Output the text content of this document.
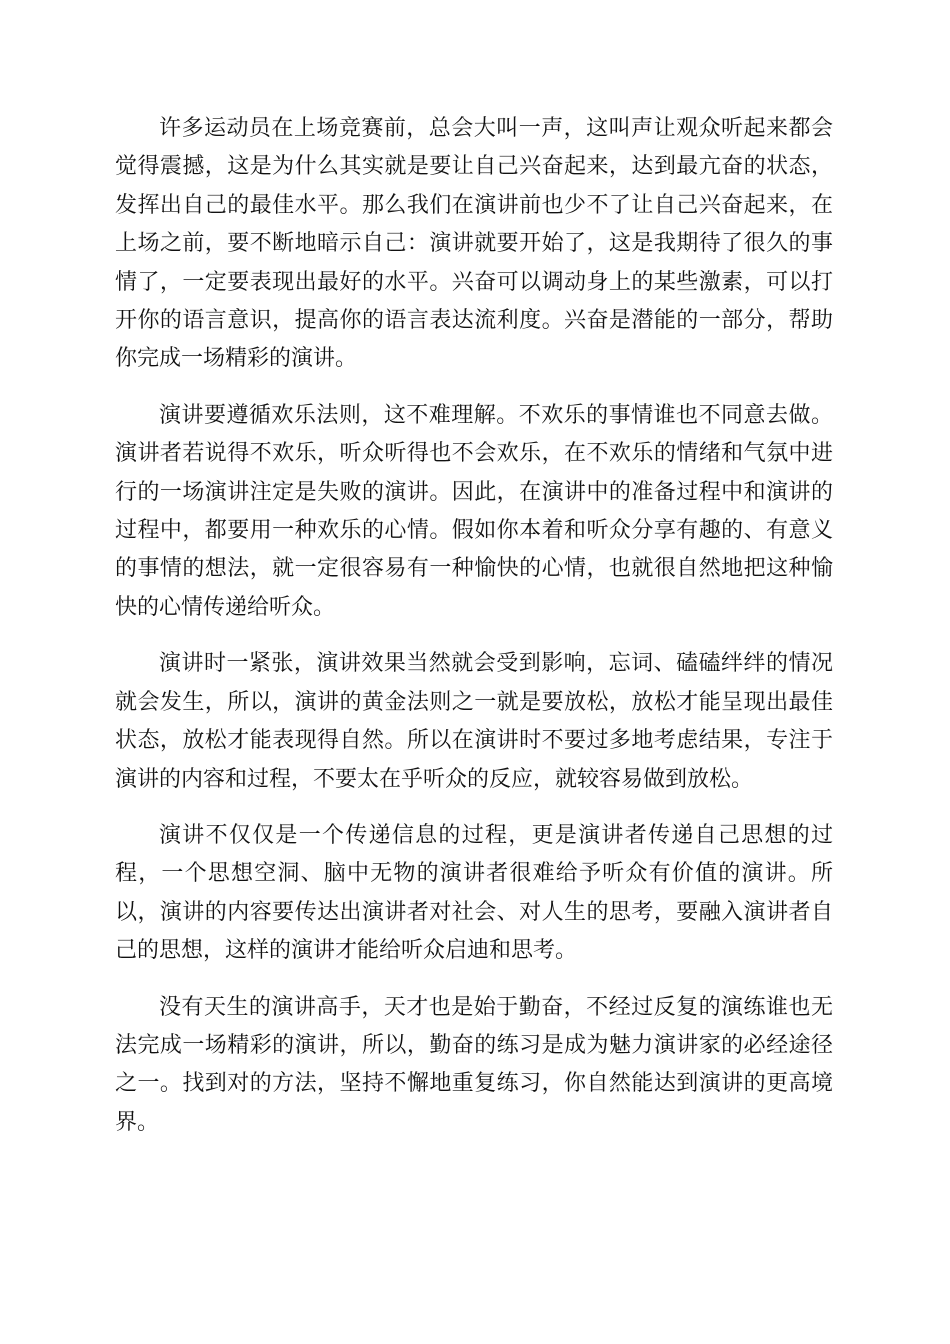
许多运动员在上场竞赛前，总会大叫一声，这叫声让观众听起来都会觉得震撼，这是为什么其实就是要让自己兴奋起来，达到最亢奋的状态，发挥出自己的最佳水平。那么我们在演讲前也少不了让自己兴奋起来，在上场之前，要不断地暗示自己：演讲就要开始了，这是我期待了很久的事情了，一定要表现出最好的水平。兴奋可以调动身上的某些激素，可以打开你的语言意识，提高你的语言表达流利度。兴奋是潜能的一部分，帮助你完成一场精彩的演讲。

演讲要遵循欢乐法则，这不难理解。不欢乐的事情谁也不同意去做。演讲者若说得不欢乐，听众听得也不会欢乐，在不欢乐的情绪和气氛中进行的一场演讲注定是失败的演讲。因此，在演讲中的准备过程中和演讲的过程中，都要用一种欢乐的心情。假如你本着和听众分享有趣的、有意义的事情的想法，就一定很容易有一种愉快的心情，也就很自然地把这种愉快的心情传递给听众。

演讲时一紧张，演讲效果当然就会受到影响，忘词、磕磕绊绊的情况就会发生，所以，演讲的黄金法则之一就是要放松，放松才能呈现出最佳状态，放松才能表现得自然。所以在演讲时不要过多地考虑结果，专注于演讲的内容和过程，不要太在乎听众的反应，就较容易做到放松。

演讲不仅仅是一个传递信息的过程，更是演讲者传递自己思想的过程，一个思想空洞、脑中无物的演讲者很难给予听众有价值的演讲。所以，演讲的内容要传达出演讲者对社会、对人生的思考，要融入演讲者自己的思想，这样的演讲才能给听众启迪和思考。

没有天生的演讲高手，天才也是始于勤奋，不经过反复的演练谁也无法完成一场精彩的演讲，所以，勤奋的练习是成为魅力演讲家的必经途径之一。找到对的方法，坚持不懈地重复练习，你自然能达到演讲的更高境界。
